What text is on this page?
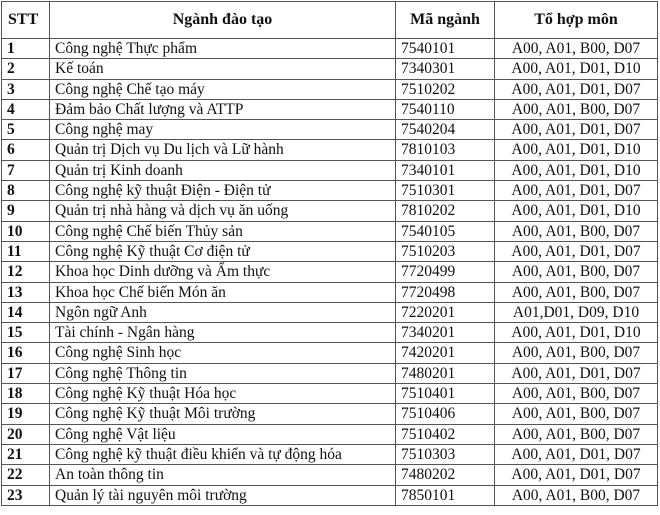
STT	Ngành đào tạo	Mã ngành	Tổ hợp môn
1	Công nghệ Thực phẩm	7540101	A00, A01, B00, D07
2	Kế toán	7340301	A00, A01, D01, D10
3	Công nghệ Chế tạo máy	7510202	A00, A01, D01, D07
4	Đảm bảo Chất lượng và ATTP	7540110	A00, A01, B00, D07
5	Công nghệ may	7540204	A00, A01, D01, D07
6	Quản trị Dịch vụ Du lịch và Lữ hành	7810103	A00, A01, D01, D10
7	Quản trị Kinh doanh	7340101	A00, A01, D01, D10
8	Công nghệ kỹ thuật Điện - Điện tử	7510301	A00, A01, D01, D07
9	Quản trị nhà hàng và dịch vụ ăn uống	7810202	A00, A01, D01, D10
10	Công nghệ Chế biến Thủy sản	7540105	A00, A01, B00, D07
11	Công nghệ Kỹ thuật Cơ điện tử	7510203	A00, A01, D01, D07
12	Khoa học Dinh dưỡng và Ẩm thực	7720499	A00, A01, B00, D07
13	Khoa học Chế biến Món ăn	7720498	A00, A01, B00, D07
14	Ngôn ngữ Anh	7220201	A01,D01, D09, D10
15	Tài chính - Ngân hàng	7340201	A00, A01, D01, D10
16	Công nghệ Sinh học	7420201	A00, A01, B00, D07
17	Công nghệ Thông tin	7480201	A00, A01, D01, D07
18	Công nghệ Kỹ thuật Hóa học	7510401	A00, A01, B00, D07
19	Công nghệ Kỹ thuật Môi trường	7510406	A00, A01, B00, D07
20	Công nghệ Vật liệu	7510402	A00, A01, B00, D07
21	Công nghệ kỹ thuật điều khiển và tự động hóa	7510303	A00, A01, D01, D07
22	An toàn thông tin	7480202	A00, A01, D01, D07
23	Quản lý tài nguyên môi trường	7850101	A00, A01, B00, D07
